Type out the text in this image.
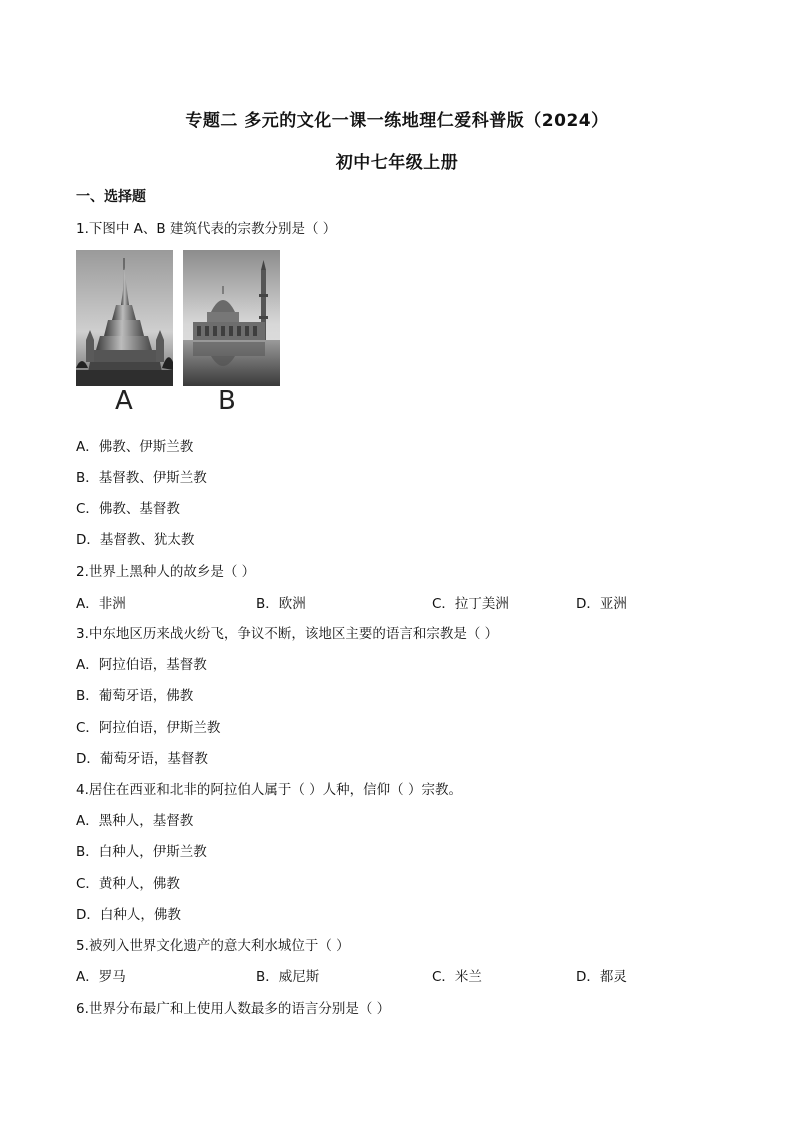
专题二 多元的文化一课一练地理仁爱科普版（2024）
初中七年级上册
一、选择题
1.下图中 A、B 建筑代表的宗教分别是（ ）
A	B
A．佛教、伊斯兰教
B．基督教、伊斯兰教
C．佛教、基督教
D．基督教、犹太教
2.世界上黑种人的故乡是（ ）
A．非洲	B．欧洲	C．拉丁美洲	D．亚洲
3.中东地区历来战火纷飞，争议不断，该地区主要的语言和宗教是（ ）
A．阿拉伯语，基督教
B．葡萄牙语，佛教
C．阿拉伯语，伊斯兰教
D．葡萄牙语，基督教
4.居住在西亚和北非的阿拉伯人属于（ ）人种，信仰（ ）宗教。
A．黑种人，基督教
B．白种人，伊斯兰教
C．黄种人，佛教
D．白种人，佛教
5.被列入世界文化遗产的意大利水城位于（ ）
A．罗马	B．威尼斯	C．米兰	D．都灵
6.世界分布最广和上使用人数最多的语言分别是（ ）
